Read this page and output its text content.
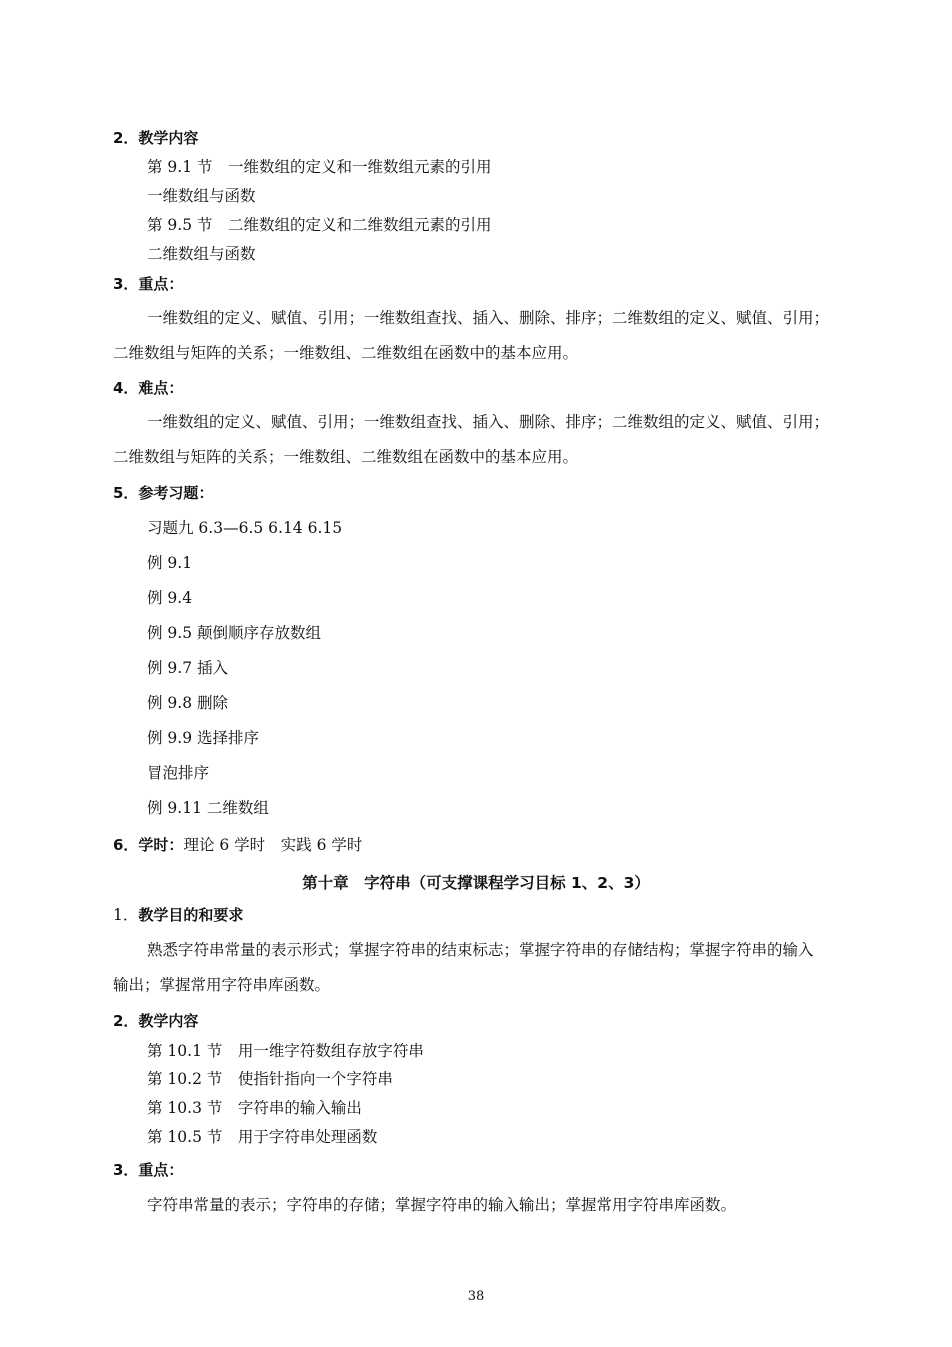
2．教学内容
第 9.1 节　一维数组的定义和一维数组元素的引用
一维数组与函数
第 9.5 节　二维数组的定义和二维数组元素的引用
二维数组与函数
3．重点：
一维数组的定义、赋值、引用；一维数组查找、插入、删除、排序；二维数组的定义、赋值、引用；
二维数组与矩阵的关系；一维数组、二维数组在函数中的基本应用。
4．难点：
一维数组的定义、赋值、引用；一维数组查找、插入、删除、排序；二维数组的定义、赋值、引用；
二维数组与矩阵的关系；一维数组、二维数组在函数中的基本应用。
5．参考习题：
习题九 6.3—6.5 6.14 6.15
例 9.1
例 9.4
例 9.5 颠倒顺序存放数组
例 9.7 插入
例 9.8 删除
例 9.9 选择排序
冒泡排序
例 9.11 二维数组
6．学时：理论 6 学时　实践 6 学时
第十章　字符串（可支撑课程学习目标 1、2、3）
1．教学目的和要求
熟悉字符串常量的表示形式；掌握字符串的结束标志；掌握字符串的存储结构；掌握字符串的输入
输出；掌握常用字符串库函数。
2．教学内容
第 10.1 节　用一维字符数组存放字符串
第 10.2 节　使指针指向一个字符串
第 10.3 节　字符串的输入输出
第 10.5 节　用于字符串处理函数
3．重点：
字符串常量的表示；字符串的存储；掌握字符串的输入输出；掌握常用字符串库函数。
38
